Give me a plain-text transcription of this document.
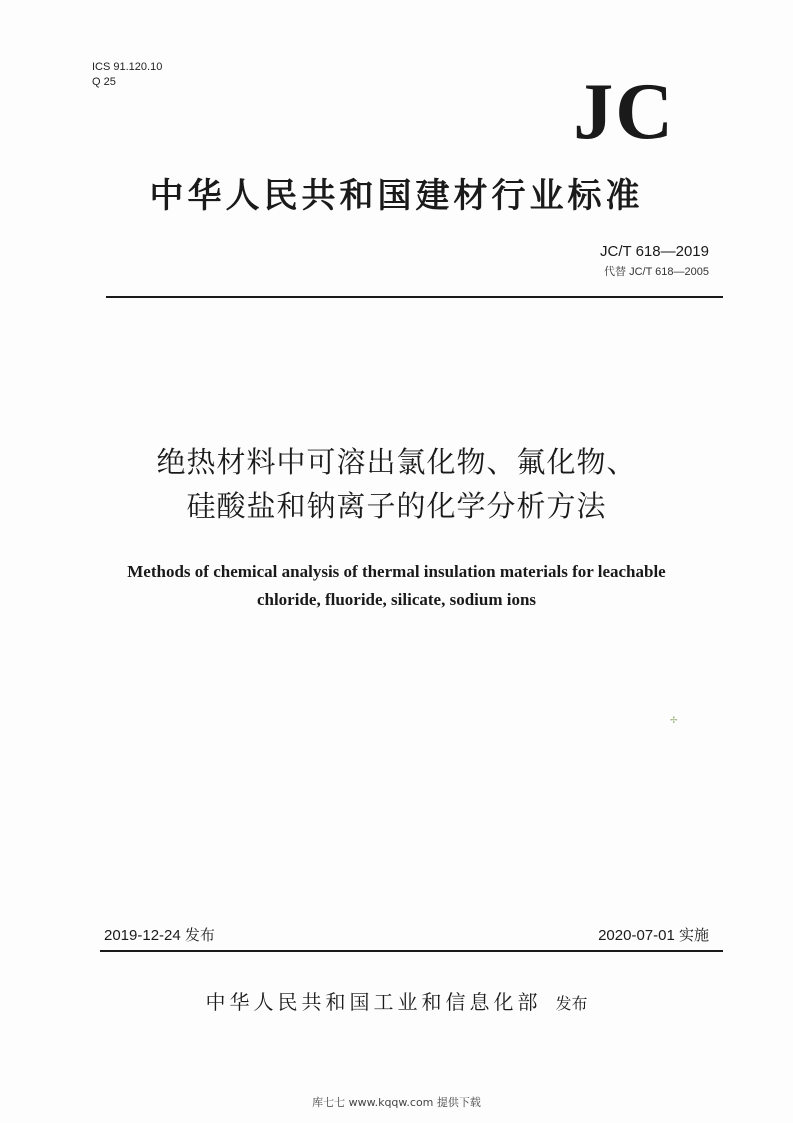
ICS 91.120.10
Q 25	JC
中华人民共和国建材行业标准
JC/T 618—2019
代替 JC/T 618—2005
绝热材料中可溶出氯化物、氟化物、
硅酸盐和钠离子的化学分析方法
Methods of chemical analysis of thermal insulation materials for leachable
chloride, fluoride, silicate, sodium ions
✢
2019-12-24 发布	2020-07-01 实施
中华人民共和国工业和信息化部 发布
库七七 www.kqqw.com 提供下载
